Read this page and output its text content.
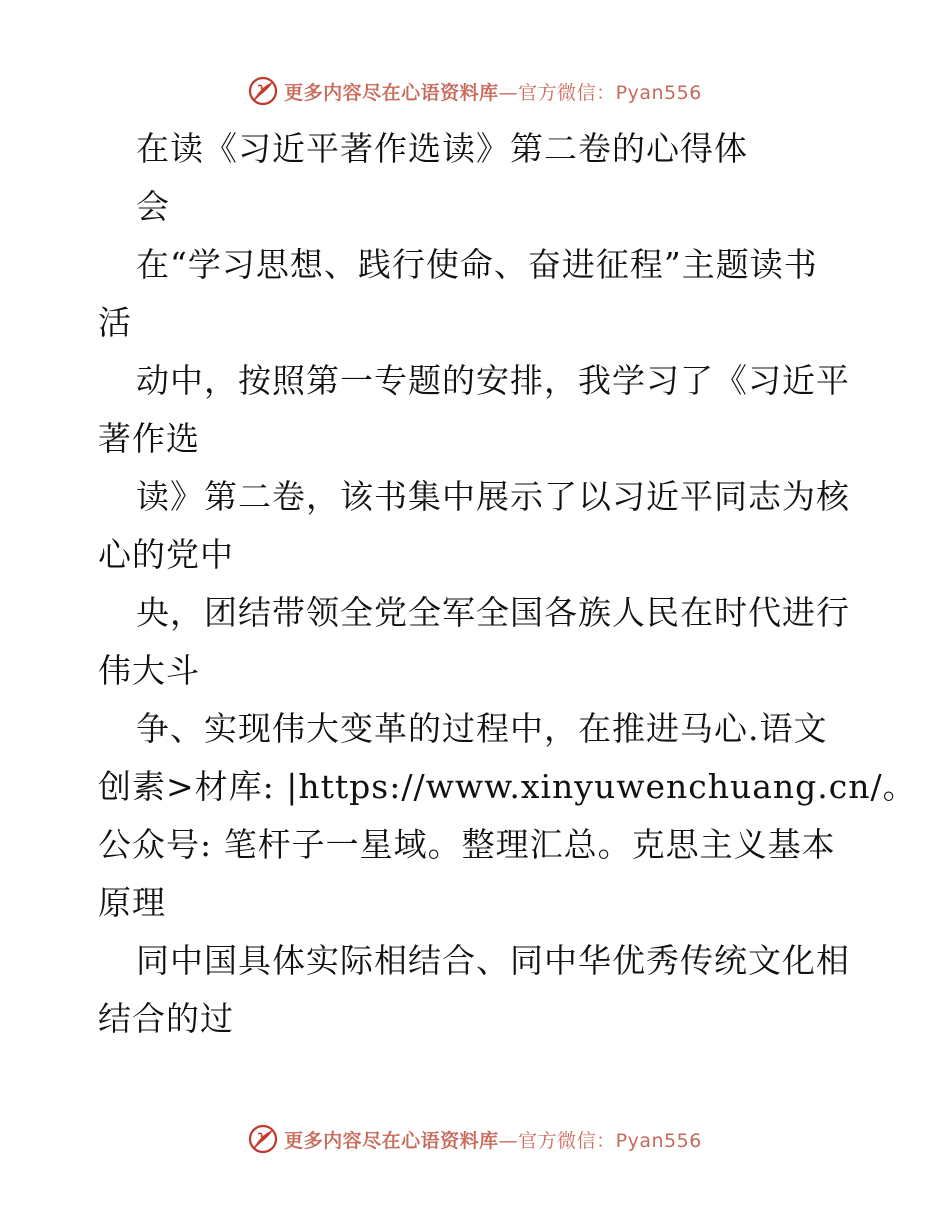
更多内容尽在心语资料库 —官方微信：Pyan556
在读《习近平著作选读》第二卷的心得体
会
在“学习思想、践行使命、奋进征程”主题读书
活
动中，按照第一专题的安排，我学习了《习近平
著作选
读》第二卷，该书集中展示了以习近平同志为核
心的党中
央，团结带领全党全军全国各族人民在时代进行
伟大斗
争、实现伟大变革的过程中，在推进马心.语文
创素>材库: |https://www.xinyuwenchuang.cn/。
公众号: 笔杆子一星域。整理汇总。克思主义基本
原理
同中国具体实际相结合、同中华优秀传统文化相
结合的过
更多内容尽在心语资料库 —官方微信：Pyan556
